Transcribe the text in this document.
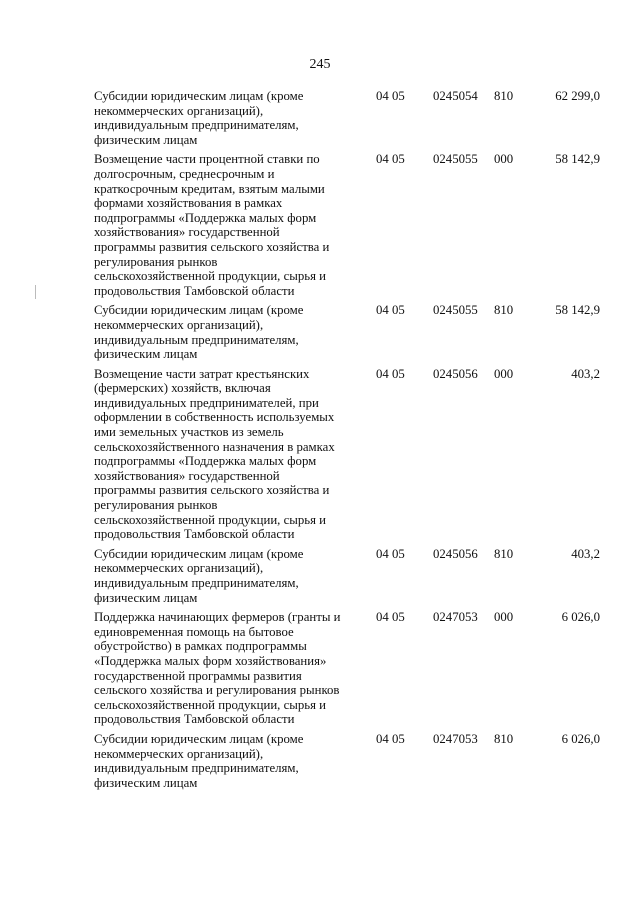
245
Субсидии юридическим лицам (кроме
некоммерческих организаций),
индивидуальным предпринимателям,
физическим лицам
04 05 0245054 810	62 299,0
Возмещение части процентной ставки по
долгосрочным, среднесрочным и
краткосрочным кредитам, взятым малыми
формами хозяйствования в рамках
подпрограммы «Поддержка малых форм
хозяйствования» государственной
программы развития сельского хозяйства и
регулирования рынков
сельскохозяйственной продукции, сырья и
продовольствия Тамбовской области
04 05 0245055 000	58 142,9
Субсидии юридическим лицам (кроме
некоммерческих организаций),
индивидуальным предпринимателям,
физическим лицам
04 05 0245055 810	58 142,9
Возмещение части затрат крестьянских
(фермерских) хозяйств, включая
индивидуальных предпринимателей, при
оформлении в собственность используемых
ими земельных участков из земель
сельскохозяйственного назначения в рамках
подпрограммы «Поддержка малых форм
хозяйствования» государственной
программы развития сельского хозяйства и
регулирования рынков
сельскохозяйственной продукции, сырья и
продовольствия Тамбовской области
04 05 0245056 000	403,2
Субсидии юридическим лицам (кроме
некоммерческих организаций),
индивидуальным предпринимателям,
физическим лицам
04 05 0245056 810	403,2
Поддержка начинающих фермеров (гранты и
единовременная помощь на бытовое
обустройство) в рамках подпрограммы
«Поддержка малых форм хозяйствования»
государственной программы развития
сельского хозяйства и регулирования рынков
сельскохозяйственной продукции, сырья и
продовольствия Тамбовской области
04 05 0247053 000	6 026,0
Субсидии юридическим лицам (кроме
некоммерческих организаций),
индивидуальным предпринимателям,
физическим лицам
04 05 0247053 810	6 026,0
